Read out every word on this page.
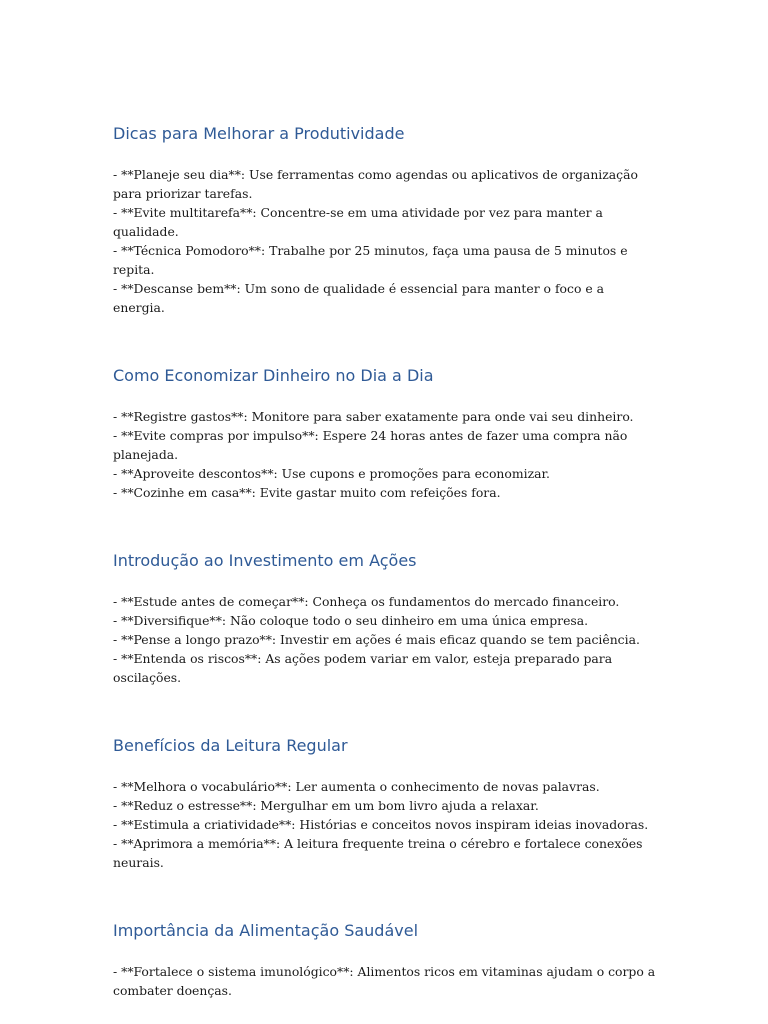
Dicas para Melhorar a Produtividade
- **Planeje seu dia**: Use ferramentas como agendas ou aplicativos de organização para priorizar tarefas.
- **Evite multitarefa**: Concentre-se em uma atividade por vez para manter a qualidade.
- **Técnica Pomodoro**: Trabalhe por 25 minutos, faça uma pausa de 5 minutos e repita.
- **Descanse bem**: Um sono de qualidade é essencial para manter o foco e a energia.
Como Economizar Dinheiro no Dia a Dia
- **Registre gastos**: Monitore para saber exatamente para onde vai seu dinheiro.
- **Evite compras por impulso**: Espere 24 horas antes de fazer uma compra não planejada.
- **Aproveite descontos**: Use cupons e promoções para economizar.
- **Cozinhe em casa**: Evite gastar muito com refeições fora.
Introdução ao Investimento em Ações
- **Estude antes de começar**: Conheça os fundamentos do mercado financeiro.
- **Diversifique**: Não coloque todo o seu dinheiro em uma única empresa.
- **Pense a longo prazo**: Investir em ações é mais eficaz quando se tem paciência.
- **Entenda os riscos**: As ações podem variar em valor, esteja preparado para oscilações.
Benefícios da Leitura Regular
- **Melhora o vocabulário**: Ler aumenta o conhecimento de novas palavras.
- **Reduz o estresse**: Mergulhar em um bom livro ajuda a relaxar.
- **Estimula a criatividade**: Histórias e conceitos novos inspiram ideias inovadoras.
- **Aprimora a memória**: A leitura frequente treina o cérebro e fortalece conexões neurais.
Importância da Alimentação Saudável
- **Fortalece o sistema imunológico**: Alimentos ricos em vitaminas ajudam o corpo a combater doenças.
